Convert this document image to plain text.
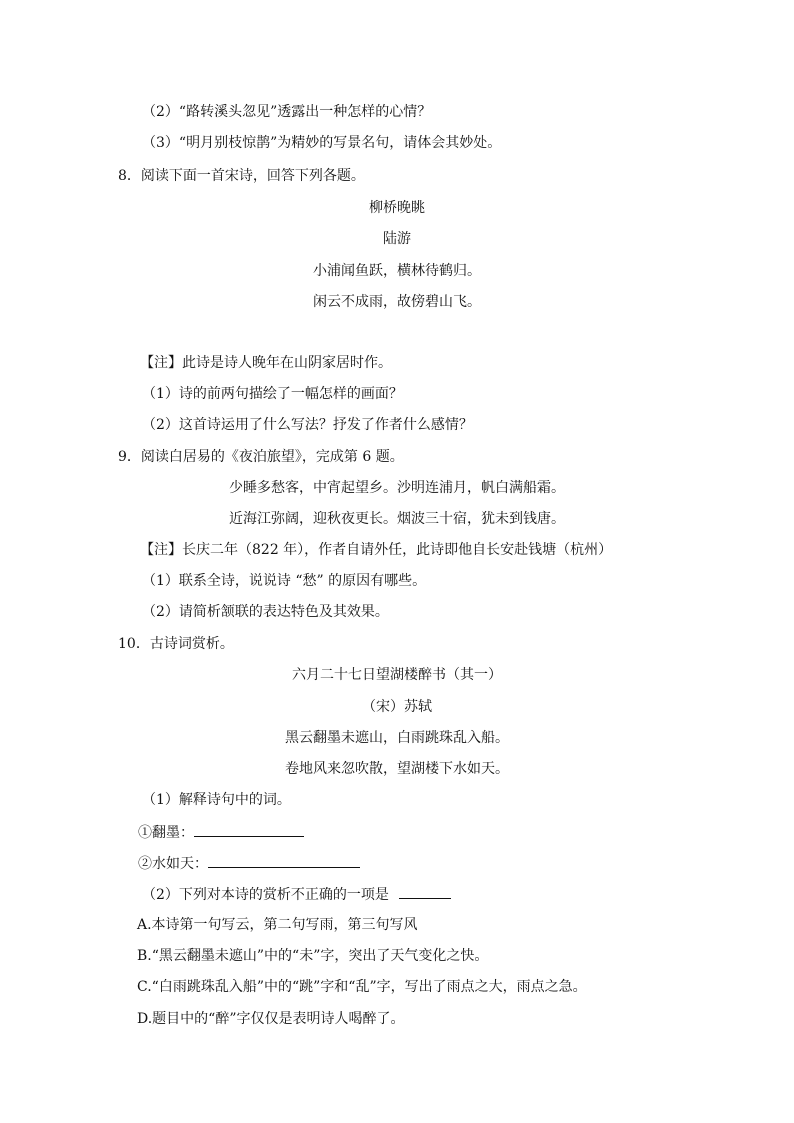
（2）“路转溪头忽见”透露出一种怎样的心情？
（3）“明月别枝惊鹊”为精妙的写景名句，请体会其妙处。
8．阅读下面一首宋诗，回答下列各题。
柳桥晚眺
陆游
小浦闻鱼跃，横林待鹤归。
闲云不成雨，故傍碧山飞。
【注】此诗是诗人晚年在山阴家居时作。
（1）诗的前两句描绘了一幅怎样的画面？
（2）这首诗运用了什么写法？抒发了作者什么感情？
9．阅读白居易的《夜泊旅望》，完成第 6 题。
少睡多愁客，中宵起望乡。沙明连浦月，帆白满船霜。
近海江弥阔，迎秋夜更长。烟波三十宿，犹未到钱唐。
【注】长庆二年（822 年），作者自请外任，此诗即他自长安赴钱塘（杭州）
（1）联系全诗，说说诗 “愁” 的原因有哪些。
（2）请简析颔联的表达特色及其效果。
10．古诗词赏析。
六月二十七日望湖楼醉书（其一）
（宋）苏轼
黑云翻墨未遮山，白雨跳珠乱入船。
卷地风来忽吹散，望湖楼下水如天。
（1）解释诗句中的词。
①翻墨：
②水如天：
（2）下列对本诗的赏析不正确的一项是
A.本诗第一句写云，第二句写雨，第三句写风
B.“黑云翻墨未遮山”中的“未”字，突出了天气变化之快。
C.“白雨跳珠乱入船”中的“跳”字和“乱”字，写出了雨点之大，雨点之急。
D.题目中的“醉”字仅仅是表明诗人喝醉了。
